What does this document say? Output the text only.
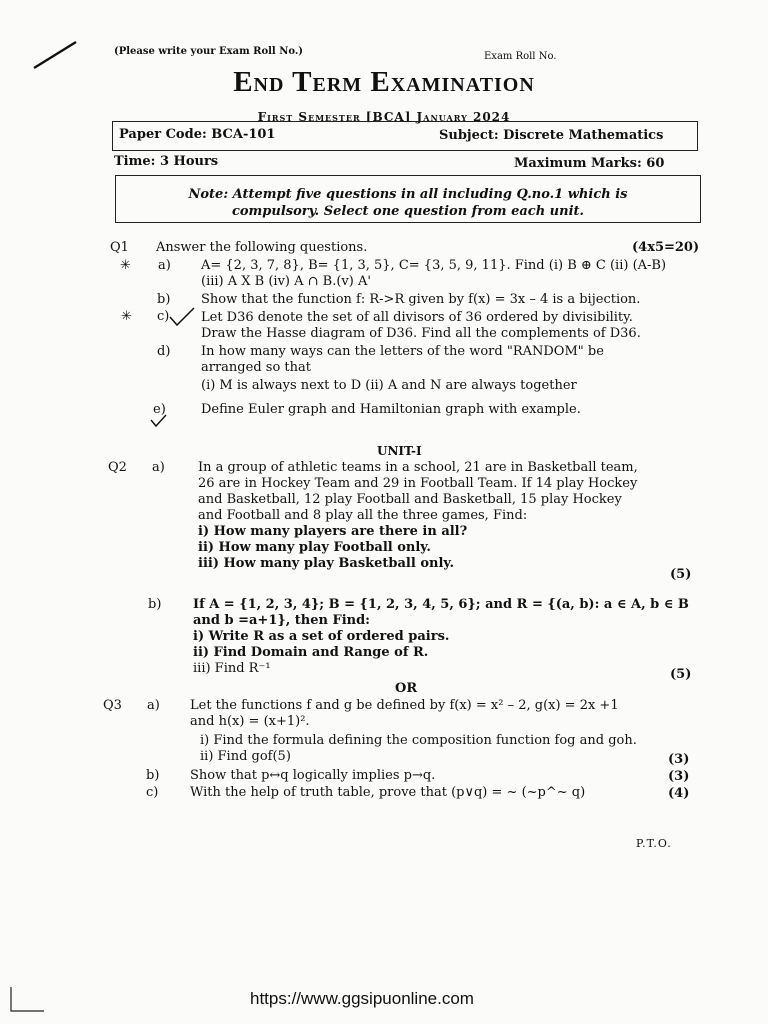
(Please write your Exam Roll No.)	Exam Roll No.
End Term Examination
First Semester [BCA] January 2024
Paper Code: BCA-101	Subject: Discrete Mathematics
Time: 3 Hours	Maximum Marks: 60
Note: Attempt five questions in all including Q.no.1 which is
compulsory. Select one question from each unit.
Q1 Answer the following questions.	(4x5=20)
✳ a) A= {2, 3, 7, 8}, B= {1, 3, 5}, C= {3, 5, 9, 11}. Find (i) B ⊕ C (ii) (A-B)
(iii) A X B (iv) A ∩ B.(v) A'
b) Show that the function f: R->R given by f(x) = 3x – 4 is a bijection.
✳ c) Let D36 denote the set of all divisors of 36 ordered by divisibility.
Draw the Hasse diagram of D36. Find all the complements of D36.
d) In how many ways can the letters of the word "RANDOM" be
arranged so that
(i) M is always next to D (ii) A and N are always together
e)	Define Euler graph and Hamiltonian graph with example.
UNIT-I
Q2 a)	In a group of athletic teams in a school, 21 are in Basketball team,
26 are in Hockey Team and 29 in Football Team. If 14 play Hockey
and Basketball, 12 play Football and Basketball, 15 play Hockey
and Football and 8 play all the three games, Find:
i) How many players are there in all?
ii) How many play Football only.
iii) How many play Basketball only.
(5)
b) If A = {1, 2, 3, 4}; B = {1, 2, 3, 4, 5, 6}; and R = {(a, b): a ∈ A, b ∈ B
and b =a+1}, then Find:
i) Write R as a set of ordered pairs.
ii) Find Domain and Range of R.
iii) Find R⁻¹	(5)
OR
Q3 a) Let the functions f and g be defined by f(x) = x² – 2, g(x) = 2x +1
and h(x) = (x+1)².
i) Find the formula defining the composition function fog and goh.
ii) Find gof(5)	(3)
b) Show that p↔q logically implies p→q.	(3)
c) With the help of truth table, prove that (p∨q) = ~ (~p^~ q)	(4)
P.T.O.
https://www.ggsipuonline.com
